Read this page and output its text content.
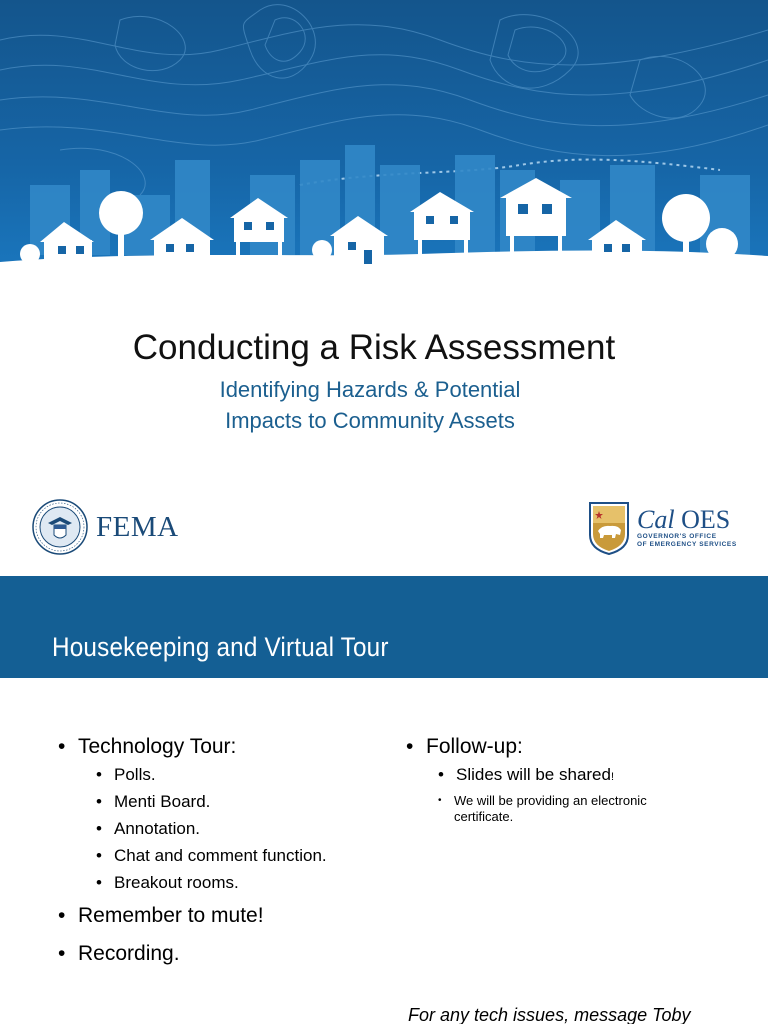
Conducting a Risk Assessment
Identifying Hazards & Potential
Impacts to Community Assets
FEMA	Cal OES
GOVERNOR'S OFFICE
OF EMERGENCY SERVICES
Housekeeping and Virtual Tour
• Technology Tour:
• Polls.
• Menti Board.
• Annotation.
• Chat and comment function.
• Breakout rooms.
• Remember to mute!
• Recording.
• Follow-up:
• Slides will be shared!
• We will be providing an electronic
certificate.
For any tech issues, message Toby
